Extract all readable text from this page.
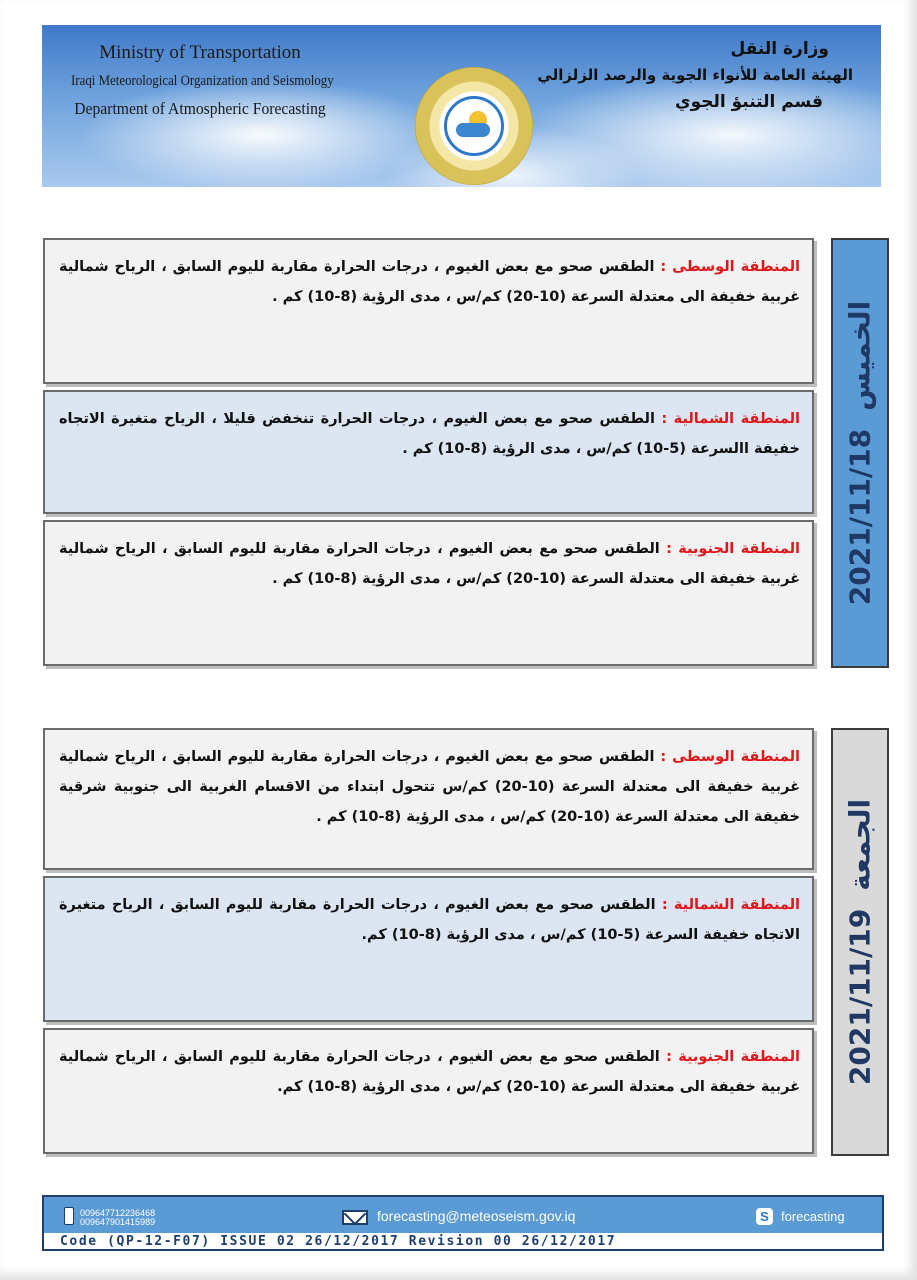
Ministry of Transportation
Iraqi Meteorological Organization and Seismology
Department of Atmospheric Forecasting
وزارة النقل
الهيئة العامة للأنواء الجوية والرصد الزلزالي
قسم التنبؤ الجوي
المنطقة الوسطى : الطقس صحو مع بعض الغيوم ، درجات الحرارة مقاربة لليوم السابق ، الرياح شمالية غربية خفيفة الى معتدلة السرعة (10-20) كم/س ، مدى الرؤية (8-10) كم .
المنطقة الشمالية : الطقس صحو مع بعض الغيوم ، درجات الحرارة تنخفض قليلا ، الرياح متغيرة الاتجاه خفيفة االسرعة (5-10) كم/س ، مدى الرؤية (8-10) كم .
المنطقة الجنوبية : الطقس صحو مع بعض الغيوم ، درجات الحرارة مقاربة لليوم السابق ، الرياح شمالية غربية خفيفة الى معتدلة السرعة (10-20) كم/س ، مدى الرؤية (8-10) كم .	2021/11/18الخميس
المنطقة الوسطى : الطقس صحو مع بعض الغيوم ، درجات الحرارة مقاربة لليوم السابق ، الرياح شمالية غربية خفيفة الى معتدلة السرعة (10-20) كم/س تتحول ابتداء من الاقسام الغربية الى جنوبية شرقية خفيفة الى معتدلة السرعة (10-20) كم/س ، مدى الرؤية (8-10) كم .
المنطقة الشمالية : الطقس صحو مع بعض الغيوم ، درجات الحرارة مقاربة لليوم السابق ، الرياح متغيرة الاتجاه خفيفة السرعة (5-10) كم/س ، مدى الرؤية (8-10) كم.
المنطقة الجنوبية : الطقس صحو مع بعض الغيوم ، درجات الحرارة مقاربة لليوم السابق ، الرياح شمالية غربية خفيفة الى معتدلة السرعة (10-20) كم/س ، مدى الرؤية (8-10) كم.
2021/11/19الجمعة
009647712236468
009647901415989	forecasting@meteoseism.gov.iq	S forecasting
Code (QP-12-F07) ISSUE 02 26/12/2017 Revision 00 26/12/2017
